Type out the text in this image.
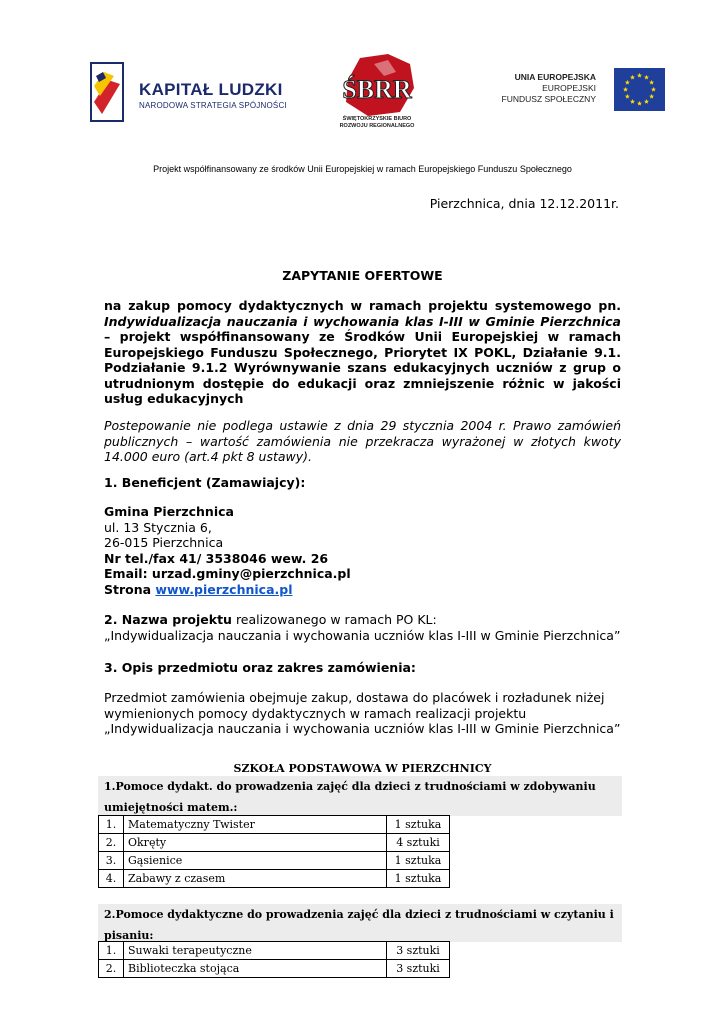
KAPITAŁ LUDZKI
NARODOWA STRATEGIA SPÓJNOŚCI
ŚBRR
ŚWIĘTOKRZYSKIE BIURO
ROZWOJU REGIONALNEGO
UNIA EUROPEJSKA
EUROPEJSKI
FUNDUSZ SPOŁECZNY
Projekt współfinansowany ze środków Unii Europejskiej w ramach Europejskiego Funduszu Społecznego
Pierzchnica, dnia 12.12.2011r.
ZAPYTANIE OFERTOWE
na zakup pomocy dydaktycznych w ramach projektu systemowego pn. Indywidualizacja nauczania i wychowania klas I-III w Gminie Pierzchnica – projekt współfinansowany ze Środków Unii Europejskiej w ramach Europejskiego Funduszu Społecznego, Priorytet IX POKL, Działanie 9.1. Podziałanie 9.1.2 Wyrównywanie szans edukacyjnych uczniów z grup o utrudnionym dostępie do edukacji oraz zmniejszenie różnic w jakości usług edukacyjnych
Postepowanie nie podlega ustawie z dnia 29 stycznia 2004 r. Prawo zamówień publicznych – wartość zamówienia nie przekracza wyrażonej w złotych kwoty 14.000 euro (art.4 pkt 8 ustawy).
1. Beneficjent (Zamawiajcy):
Gmina Pierzchnica
ul. 13 Stycznia 6,
26-015 Pierzchnica
Nr tel./fax 41/ 3538046 wew. 26
Email: urzad.gminy@pierzchnica.pl
Strona www.pierzchnica.pl
2. Nazwa projektu realizowanego w ramach PO KL:
„Indywidualizacja nauczania i wychowania uczniów klas I-III w Gminie Pierzchnica”
3. Opis przedmiotu oraz zakres zamówienia:
Przedmiot zamówienia obejmuje zakup, dostawa do placówek i rozładunek niżej
wymienionych pomocy dydaktycznych w ramach realizacji projektu
„Indywidualizacja nauczania i wychowania uczniów klas I-III w Gminie Pierzchnica”
SZKOŁA PODSTAWOWA W PIERZCHNICY
1.Pomoce dydakt. do prowadzenia zajęć dla dzieci z trudnościami w zdobywaniu
umiejętności matem.:
1.	Matematyczny Twister	1 sztuka
2.	Okręty	4 sztuki
3.	Gąsienice	1 sztuka
4.	Zabawy z czasem	1 sztuka
2.Pomoce dydaktyczne do prowadzenia zajęć dla dzieci z trudnościami w czytaniu i
pisaniu:
1.	Suwaki terapeutyczne	3 sztuki
2.	Biblioteczka stojąca	3 sztuki
